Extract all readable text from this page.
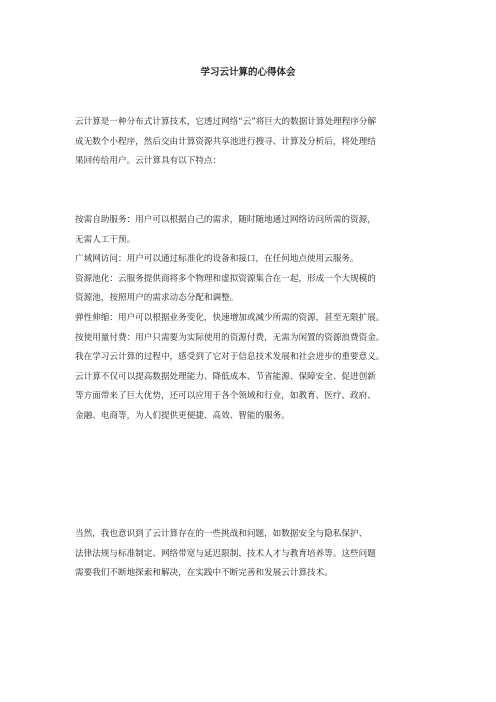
学习云计算的心得体会
云计算是一种分布式计算技术，它透过网络“云”将巨大的数据计算处理程序分解
成无数个小程序，然后交由计算资源共享池进行搜寻、计算及分析后，将处理结
果回传给用户。云计算具有以下特点：
按需自助服务：用户可以根据自己的需求，随时随地通过网络访问所需的资源，
无需人工干预。
广域网访问：用户可以通过标准化的设备和接口，在任何地点使用云服务。
资源池化：云服务提供商将多个物理和虚拟资源集合在一起，形成一个大规模的
资源池，按照用户的需求动态分配和调整。
弹性伸缩：用户可以根据业务变化，快速增加或减少所需的资源，甚至无限扩展。
按使用量付费：用户只需要为实际使用的资源付费，无需为闲置的资源浪费资金。
我在学习云计算的过程中，感受到了它对于信息技术发展和社会进步的重要意义。
云计算不仅可以提高数据处理能力、降低成本、节省能源、保障安全、促进创新
等方面带来了巨大优势，还可以应用于各个领域和行业，如教育、医疗、政府、
金融、电商等，为人们提供更便捷、高效、智能的服务。
当然，我也意识到了云计算存在的一些挑战和问题，如数据安全与隐私保护、
法律法规与标准制定、网络带宽与延迟限制、技术人才与教育培养等。这些问题
需要我们不断地探索和解决，在实践中不断完善和发展云计算技术。
